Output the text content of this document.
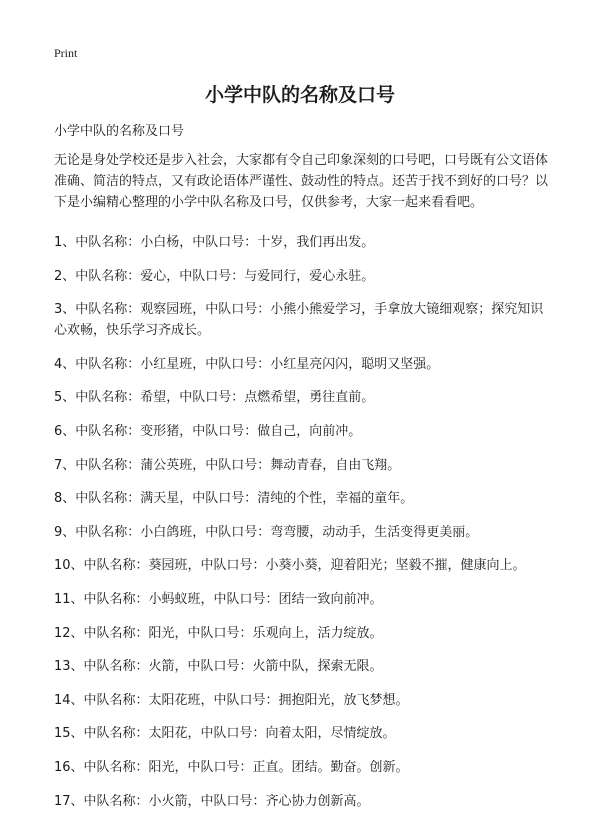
Print
小学中队的名称及口号

小学中队的名称及口号

无论是身处学校还是步入社会，大家都有令自己印象深刻的口号吧，口号既有公文语体准确、简洁的特点，又有政论语体严谨性、鼓动性的特点。还苦于找不到好的口号？以下是小编精心整理的小学中队名称及口号，仅供参考，大家一起来看看吧。

1、中队名称：小白杨，中队口号：十岁，我们再出发。
2、中队名称：爱心，中队口号：与爱同行，爱心永驻。
3、中队名称：观察园班，中队口号：小熊小熊爱学习，手拿放大镜细观察；探究知识心欢畅，快乐学习齐成长。
4、中队名称：小红星班，中队口号：小红星亮闪闪，聪明又坚强。
5、中队名称：希望，中队口号：点燃希望，勇往直前。
6、中队名称：变形猪，中队口号：做自己，向前冲。
7、中队名称：蒲公英班，中队口号：舞动青春，自由飞翔。
8、中队名称：满天星，中队口号：清纯的个性，幸福的童年。
9、中队名称：小白鸽班，中队口号：弯弯腰，动动手，生活变得更美丽。
10、中队名称：葵园班，中队口号：小葵小葵，迎着阳光；坚毅不摧，健康向上。
11、中队名称：小蚂蚁班，中队口号：团结一致向前冲。
12、中队名称：阳光，中队口号：乐观向上，活力绽放。
13、中队名称：火箭，中队口号：火箭中队，探索无限。
14、中队名称：太阳花班，中队口号：拥抱阳光，放飞梦想。
15、中队名称：太阳花，中队口号：向着太阳，尽情绽放。
16、中队名称：阳光，中队口号：正直。团结。勤奋。创新。
17、中队名称：小火箭，中队口号：齐心协力创新高。
